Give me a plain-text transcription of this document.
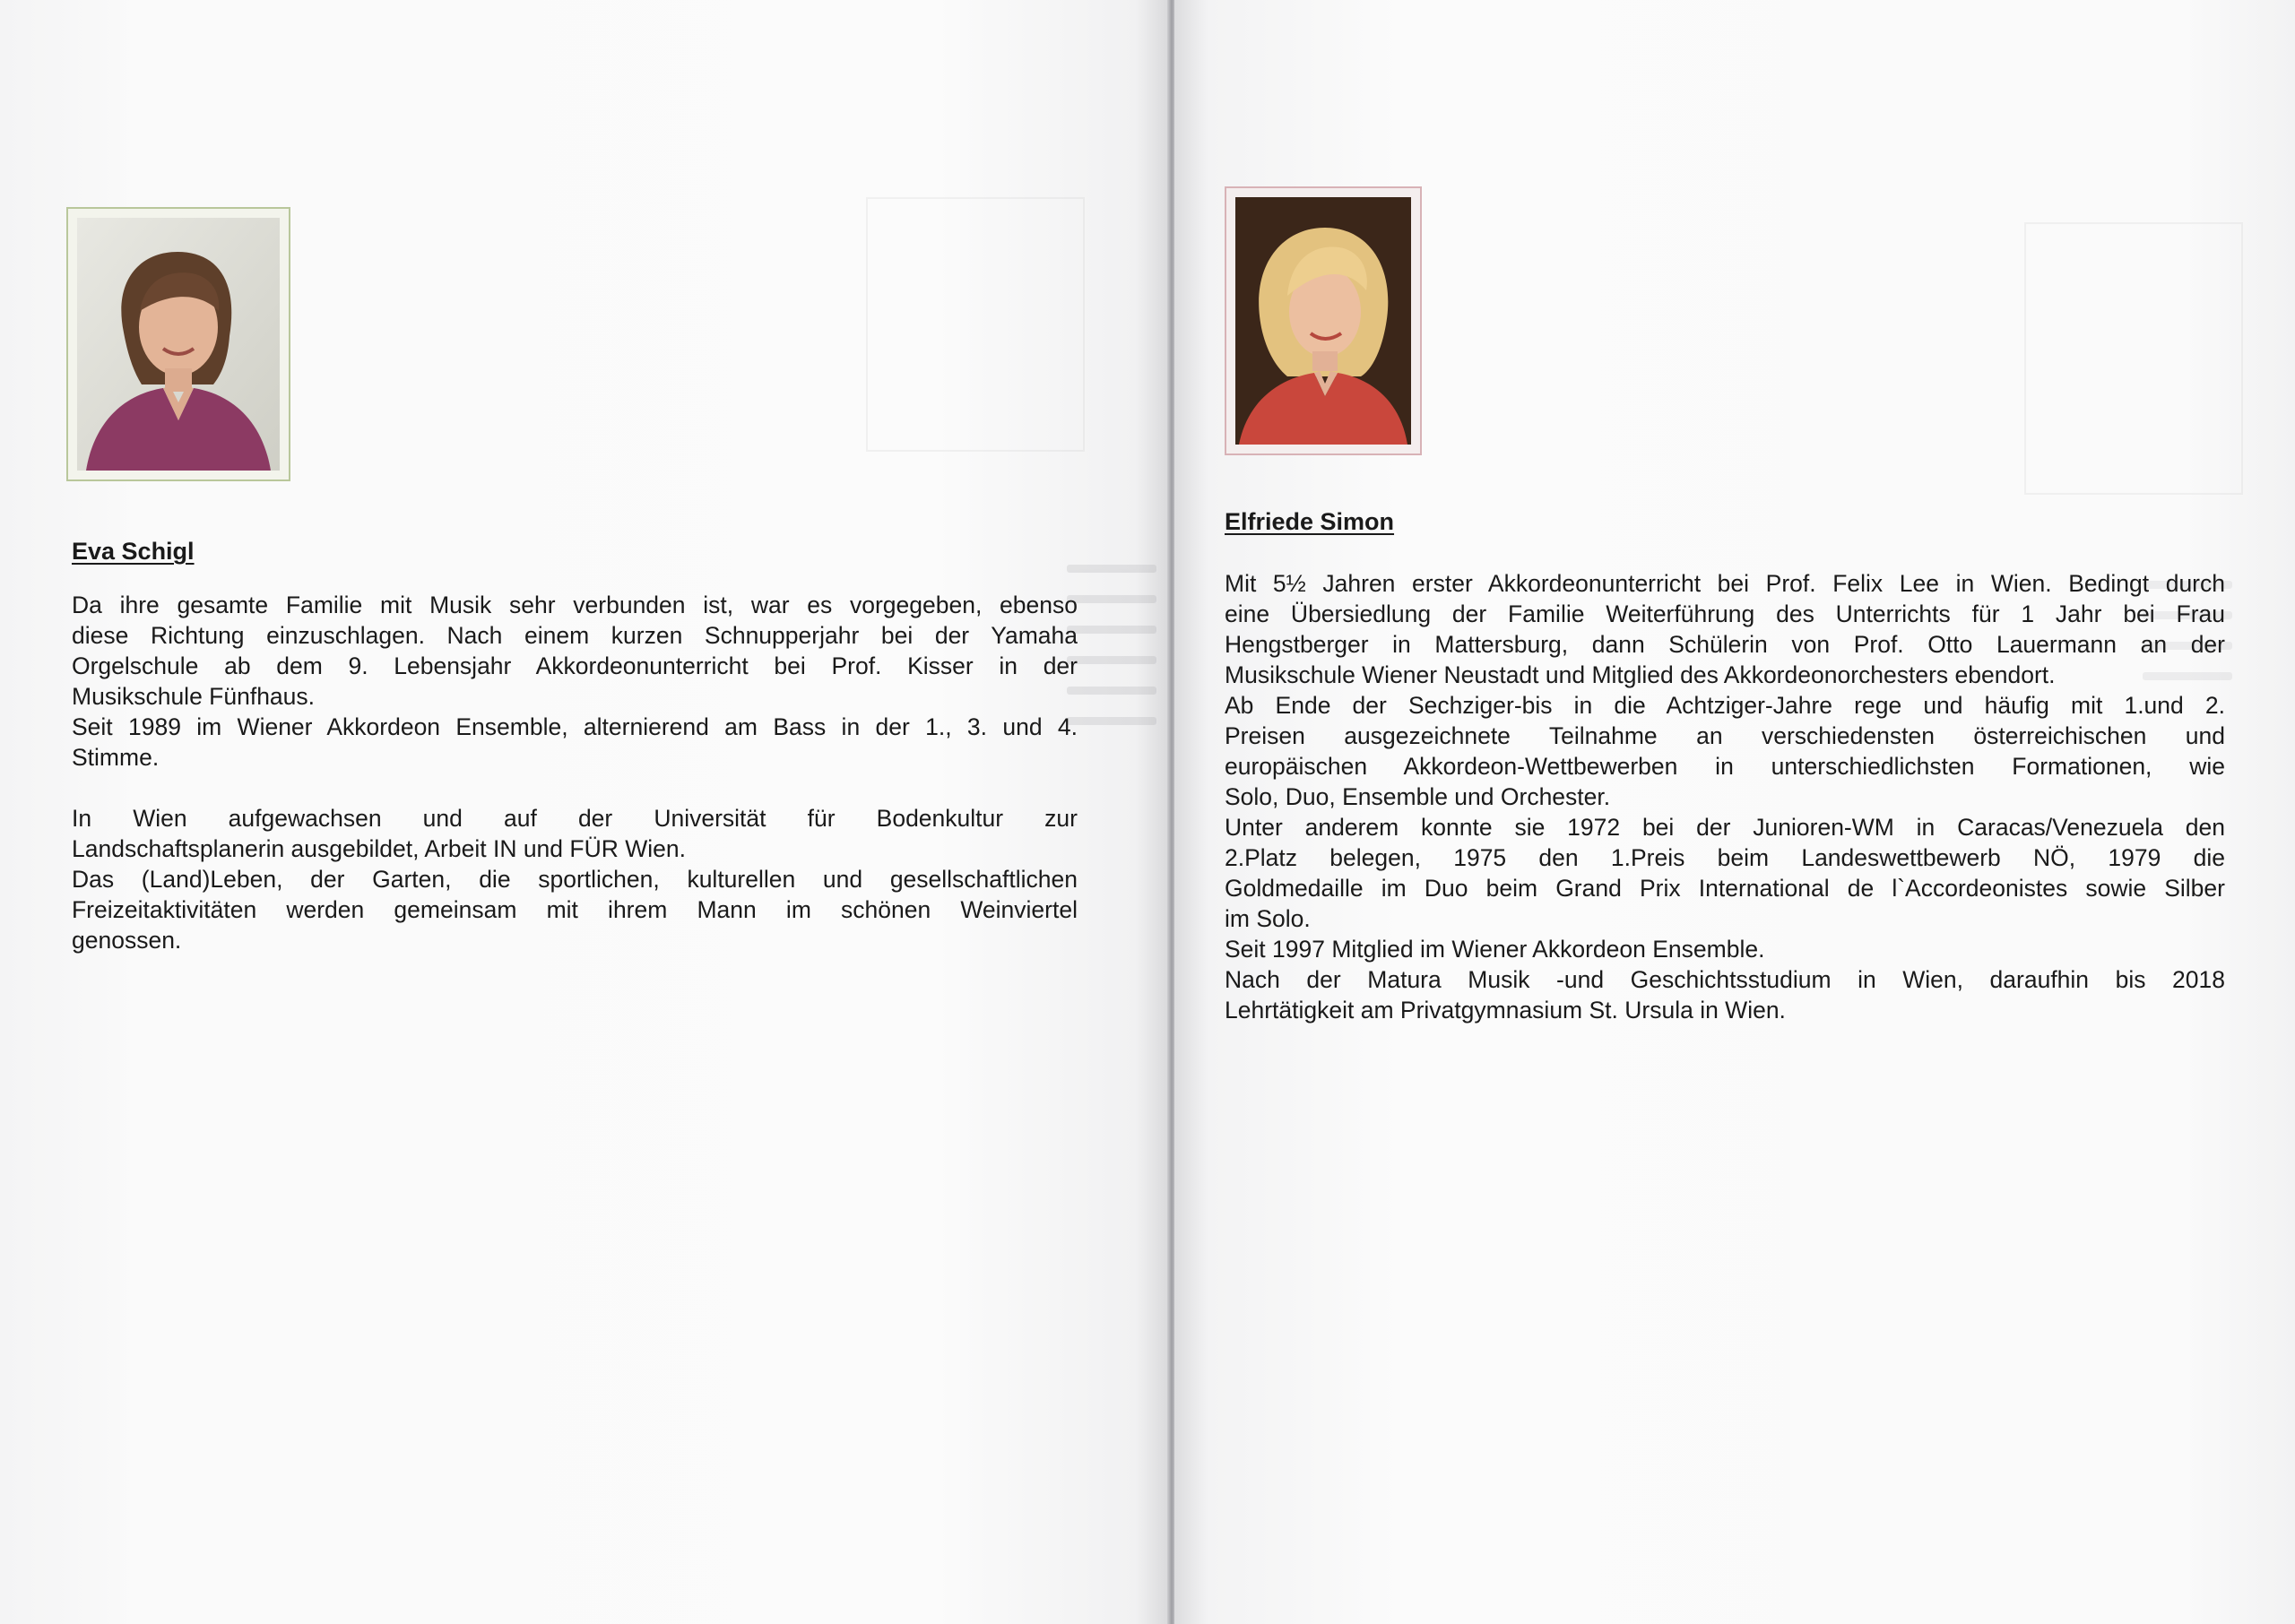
Eva Schigl
Da ihre gesamte Familie mit Musik sehr verbunden ist, war es vorgegeben, ebenso
diese Richtung einzuschlagen. Nach einem kurzen Schnupperjahr bei der Yamaha
Orgelschule ab dem 9. Lebensjahr Akkordeonunterricht bei Prof. Kisser in der
Musikschule Fünfhaus.
Seit 1989 im Wiener Akkordeon Ensemble, alternierend am Bass in der 1., 3. und 4.
Stimme.
In Wien aufgewachsen und auf der Universität für Bodenkultur zur
Landschaftsplanerin ausgebildet, Arbeit IN und FÜR Wien.
Das (Land)Leben, der Garten, die sportlichen, kulturellen und gesellschaftlichen
Freizeitaktivitäten werden gemeinsam mit ihrem Mann im schönen Weinviertel
genossen.
Elfriede Simon
Mit 5½ Jahren erster Akkordeonunterricht bei Prof. Felix Lee in Wien. Bedingt durch
eine Übersiedlung der Familie Weiterführung des Unterrichts für 1 Jahr bei Frau
Hengstberger in Mattersburg, dann Schülerin von Prof. Otto Lauermann an der
Musikschule Wiener Neustadt und Mitglied des Akkordeonorchesters ebendort.
Ab Ende der Sechziger-bis in die Achtziger-Jahre rege und häufig mit 1.und 2.
Preisen ausgezeichnete Teilnahme an verschiedensten österreichischen und
europäischen Akkordeon-Wettbewerben in unterschiedlichsten Formationen, wie
Solo, Duo, Ensemble und Orchester.
Unter anderem konnte sie 1972 bei der Junioren-WM in Caracas/Venezuela den
2.Platz belegen, 1975 den 1.Preis beim Landeswettbewerb NÖ, 1979 die
Goldmedaille im Duo beim Grand Prix International de l`Accordeonistes sowie Silber
im Solo.
Seit 1997 Mitglied im Wiener Akkordeon Ensemble.
Nach der Matura Musik -und Geschichtsstudium in Wien, daraufhin bis 2018
Lehrtätigkeit am Privatgymnasium St. Ursula in Wien.
